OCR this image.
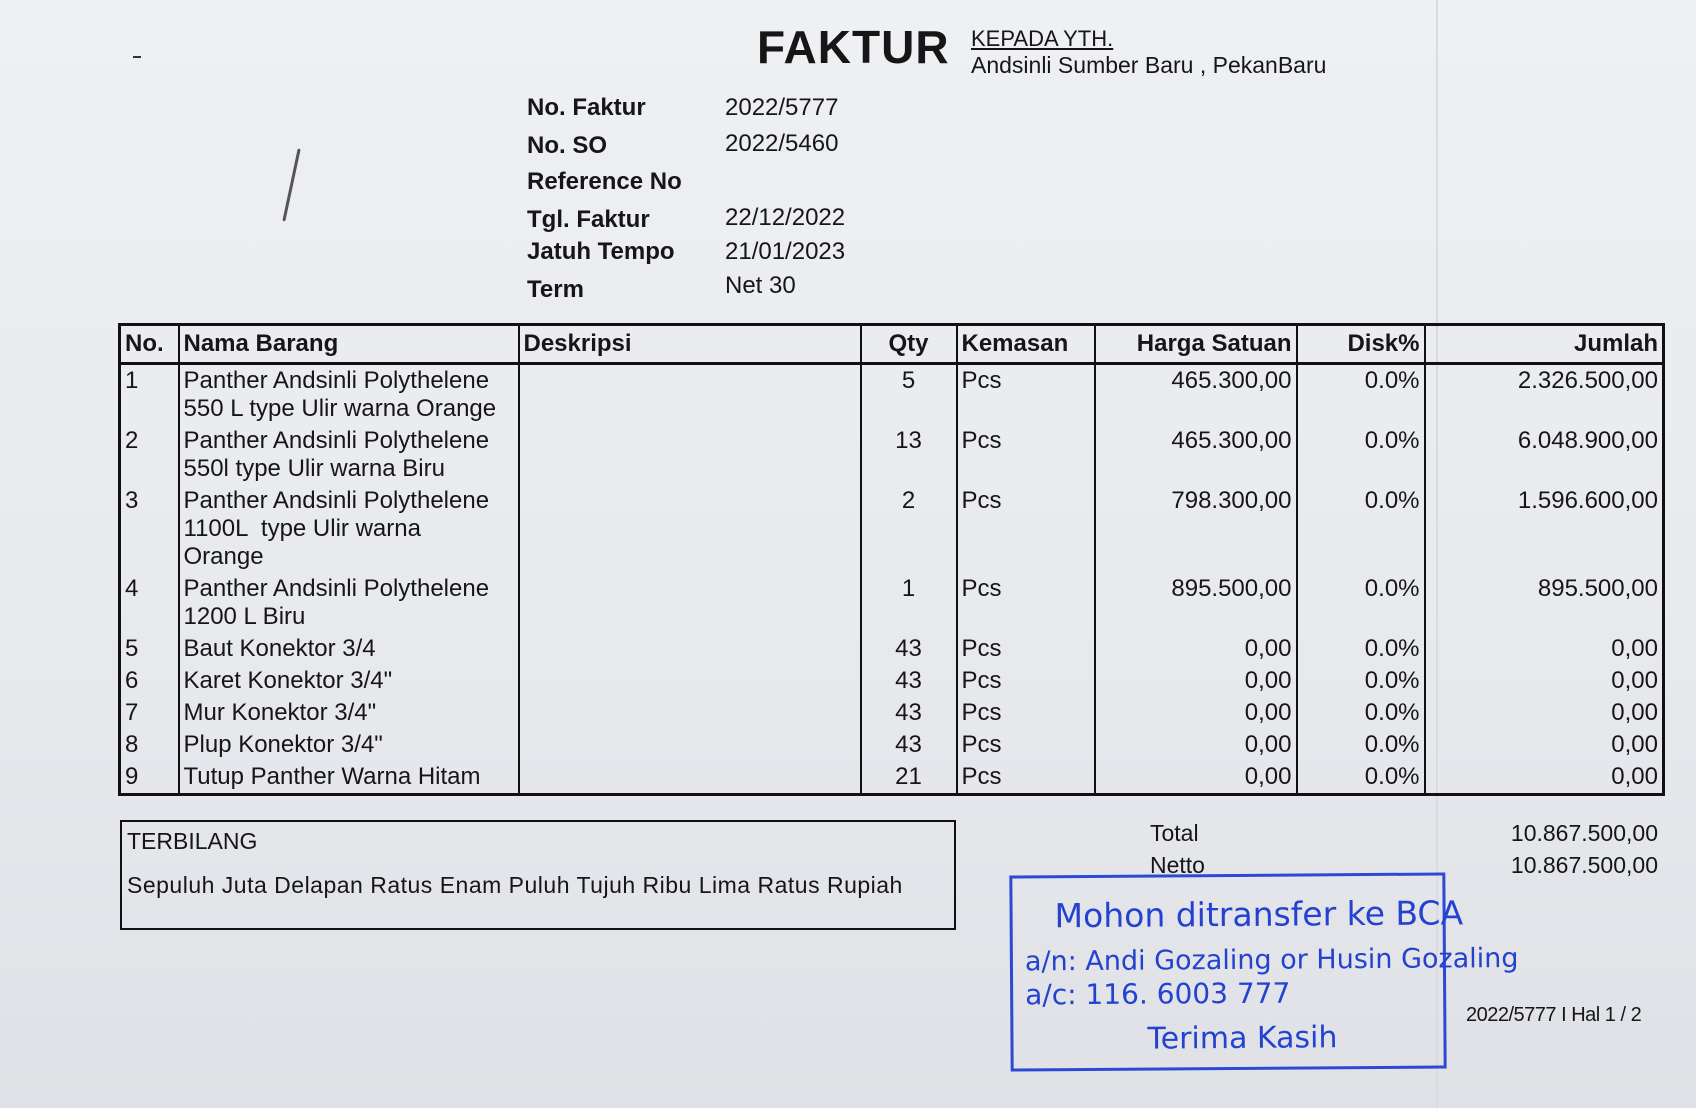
FAKTUR KEPADA YTH.
Andsinli Sumber Baru , PekanBaru
No. Faktur	2022/5777
No. SO	2022/5460
Reference No
Tgl. Faktur	22/12/2022
Jatuh Tempo 21/01/2023
Term	Net 30
No.	Nama Barang	Deskripsi	Qty	Kemasan	Harga Satuan	Disk%	Jumlah
1	Panther Andsinli Polythelene
550 L type Ulir warna Orange		5	Pcs	465.300,00	0.0%	2.326.500,00
2	Panther Andsinli Polythelene
550l type Ulir warna Biru		13	Pcs	465.300,00	0.0%	6.048.900,00
3	Panther Andsinli Polythelene
1100L  type Ulir warna
Orange		2	Pcs	798.300,00	0.0%	1.596.600,00
4	Panther Andsinli Polythelene
1200 L Biru		1	Pcs	895.500,00	0.0%	895.500,00
5	Baut Konektor 3/4		43	Pcs	0,00	0.0%	0,00
6	Karet Konektor 3/4"		43	Pcs	0,00	0.0%	0,00
7	Mur Konektor 3/4"		43	Pcs	0,00	0.0%	0,00
8	Plup Konektor 3/4"		43	Pcs	0,00	0.0%	0,00
9	Tutup Panther Warna Hitam		21	Pcs	0,00	0.0%	0,00
TERBILANG
Sepuluh Juta Delapan Ratus Enam Puluh Tujuh Ribu Lima Ratus Rupiah
Total	10.867.500,00
Netto	10.867.500,00
Mohon ditransfer ke BCA
a/n: Andi Gozaling or Husin Gozaling
a/c: 116. 6003 777
Terima Kasih
2022/5777 I Hal 1 / 2
